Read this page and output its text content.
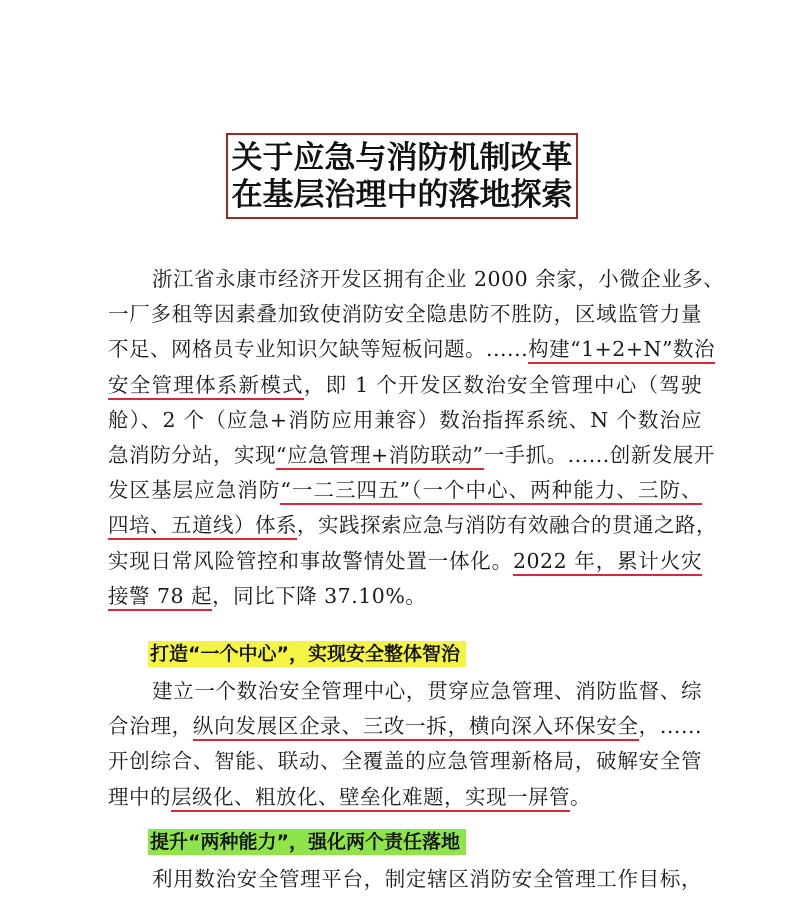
关于应急与消防机制改革
在基层治理中的落地探索
浙江省永康市经济开发区拥有企业 2000 余家，小微企业多、
一厂多租等因素叠加致使消防安全隐患防不胜防，区域监管力量
不足、网格员专业知识欠缺等短板问题。......构建“1+2+N”数治
安全管理体系新模式，即 1 个开发区数治安全管理中心（驾驶
舱）、2 个（应急+消防应用兼容）数治指挥系统、N 个数治应
急消防分站，实现“应急管理+消防联动”一手抓。......创新发展开
发区基层应急消防“一二三四五”（一个中心、两种能力、三防、
四培、五道线）体系，实践探索应急与消防有效融合的贯通之路，
实现日常风险管控和事故警情处置一体化。2022 年，累计火灾
接警 78 起，同比下降 37.10%。
打造“一个中心”，实现安全整体智治
建立一个数治安全管理中心，贯穿应急管理、消防监督、综
合治理，纵向发展区企录、三改一拆，横向深入环保安全，......
开创综合、智能、联动、全覆盖的应急管理新格局，破解安全管
理中的层级化、粗放化、壁垒化难题，实现一屏管。
提升“两种能力”，强化两个责任落地
利用数治安全管理平台，制定辖区消防安全管理工作目标，
